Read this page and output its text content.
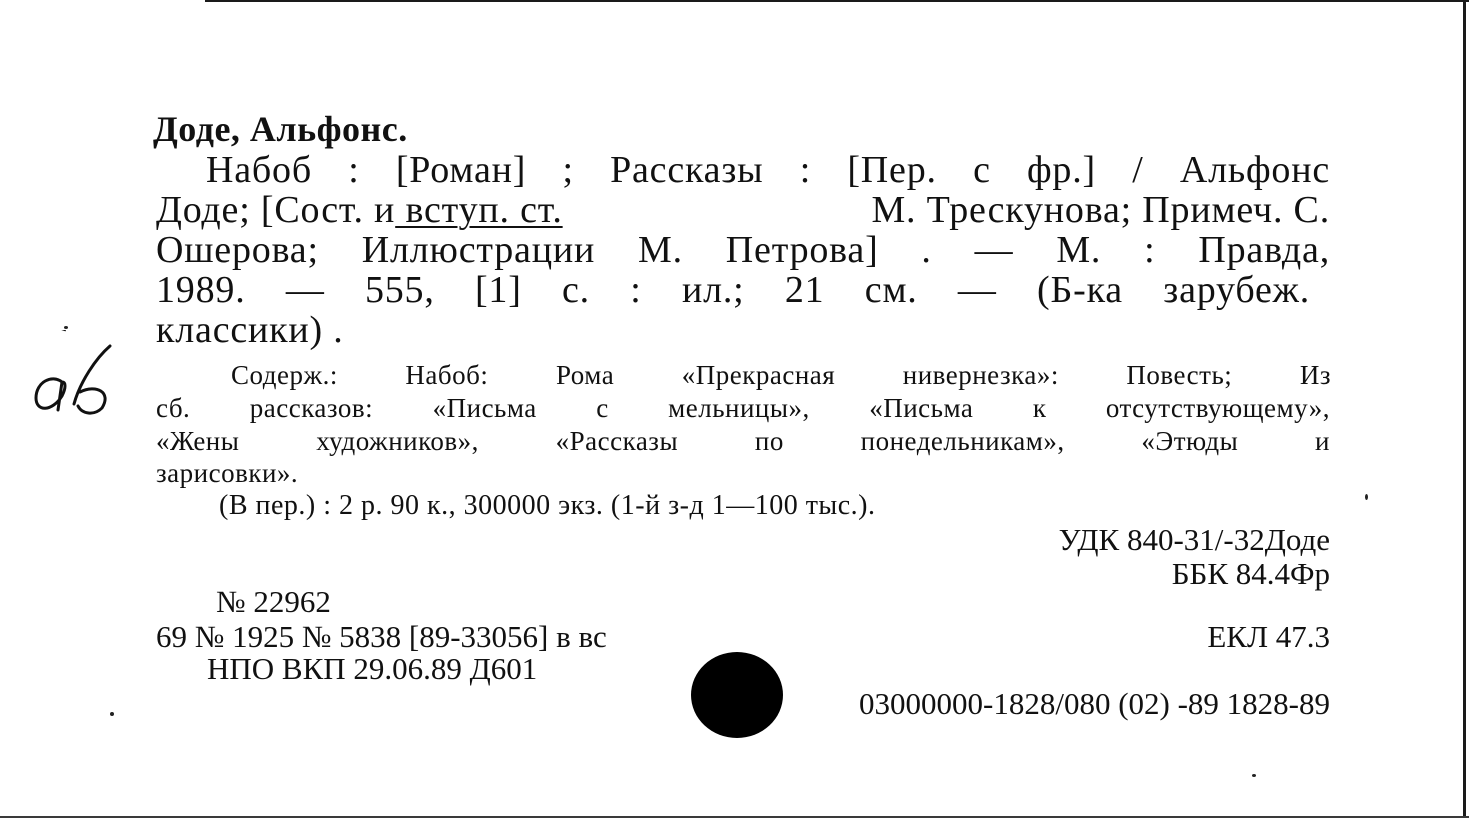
Доде, Альфонс.
Набоб : [Роман] ; Рассказы : [Пер. с фр.] / Альфонс
Доде; [Сост. и вступ. ст.	М. Трескунова; Примеч. С.
Ошерова; Иллюстрации М. Петрова] . — М. : Правда,
1989. — 555, [1] с. : ил.; 21 см. — (Б-ка зарубеж.
классики) .
Содерж.: Набоб: Рома «Прекрасная нивернезка»: Повесть; Из
сб. рассказов: «Письма с мельницы», «Письма к отсутствующему»,
«Жены художников», «Рассказы по понедельникам», «Этюды и
зарисовки».
(В пер.) : 2 р. 90 к., 300000 экз. (1-й з-д 1—100 тыс.).
УДК 840-31/-32Доде
ББК 84.4Фр
№ 22962
69 № 1925 № 5838 [89-33056] в вс	ЕКЛ 47.3
НПО ВКП 29.06.89 Д601
03000000-1828/080 (02) -89 1828-89
